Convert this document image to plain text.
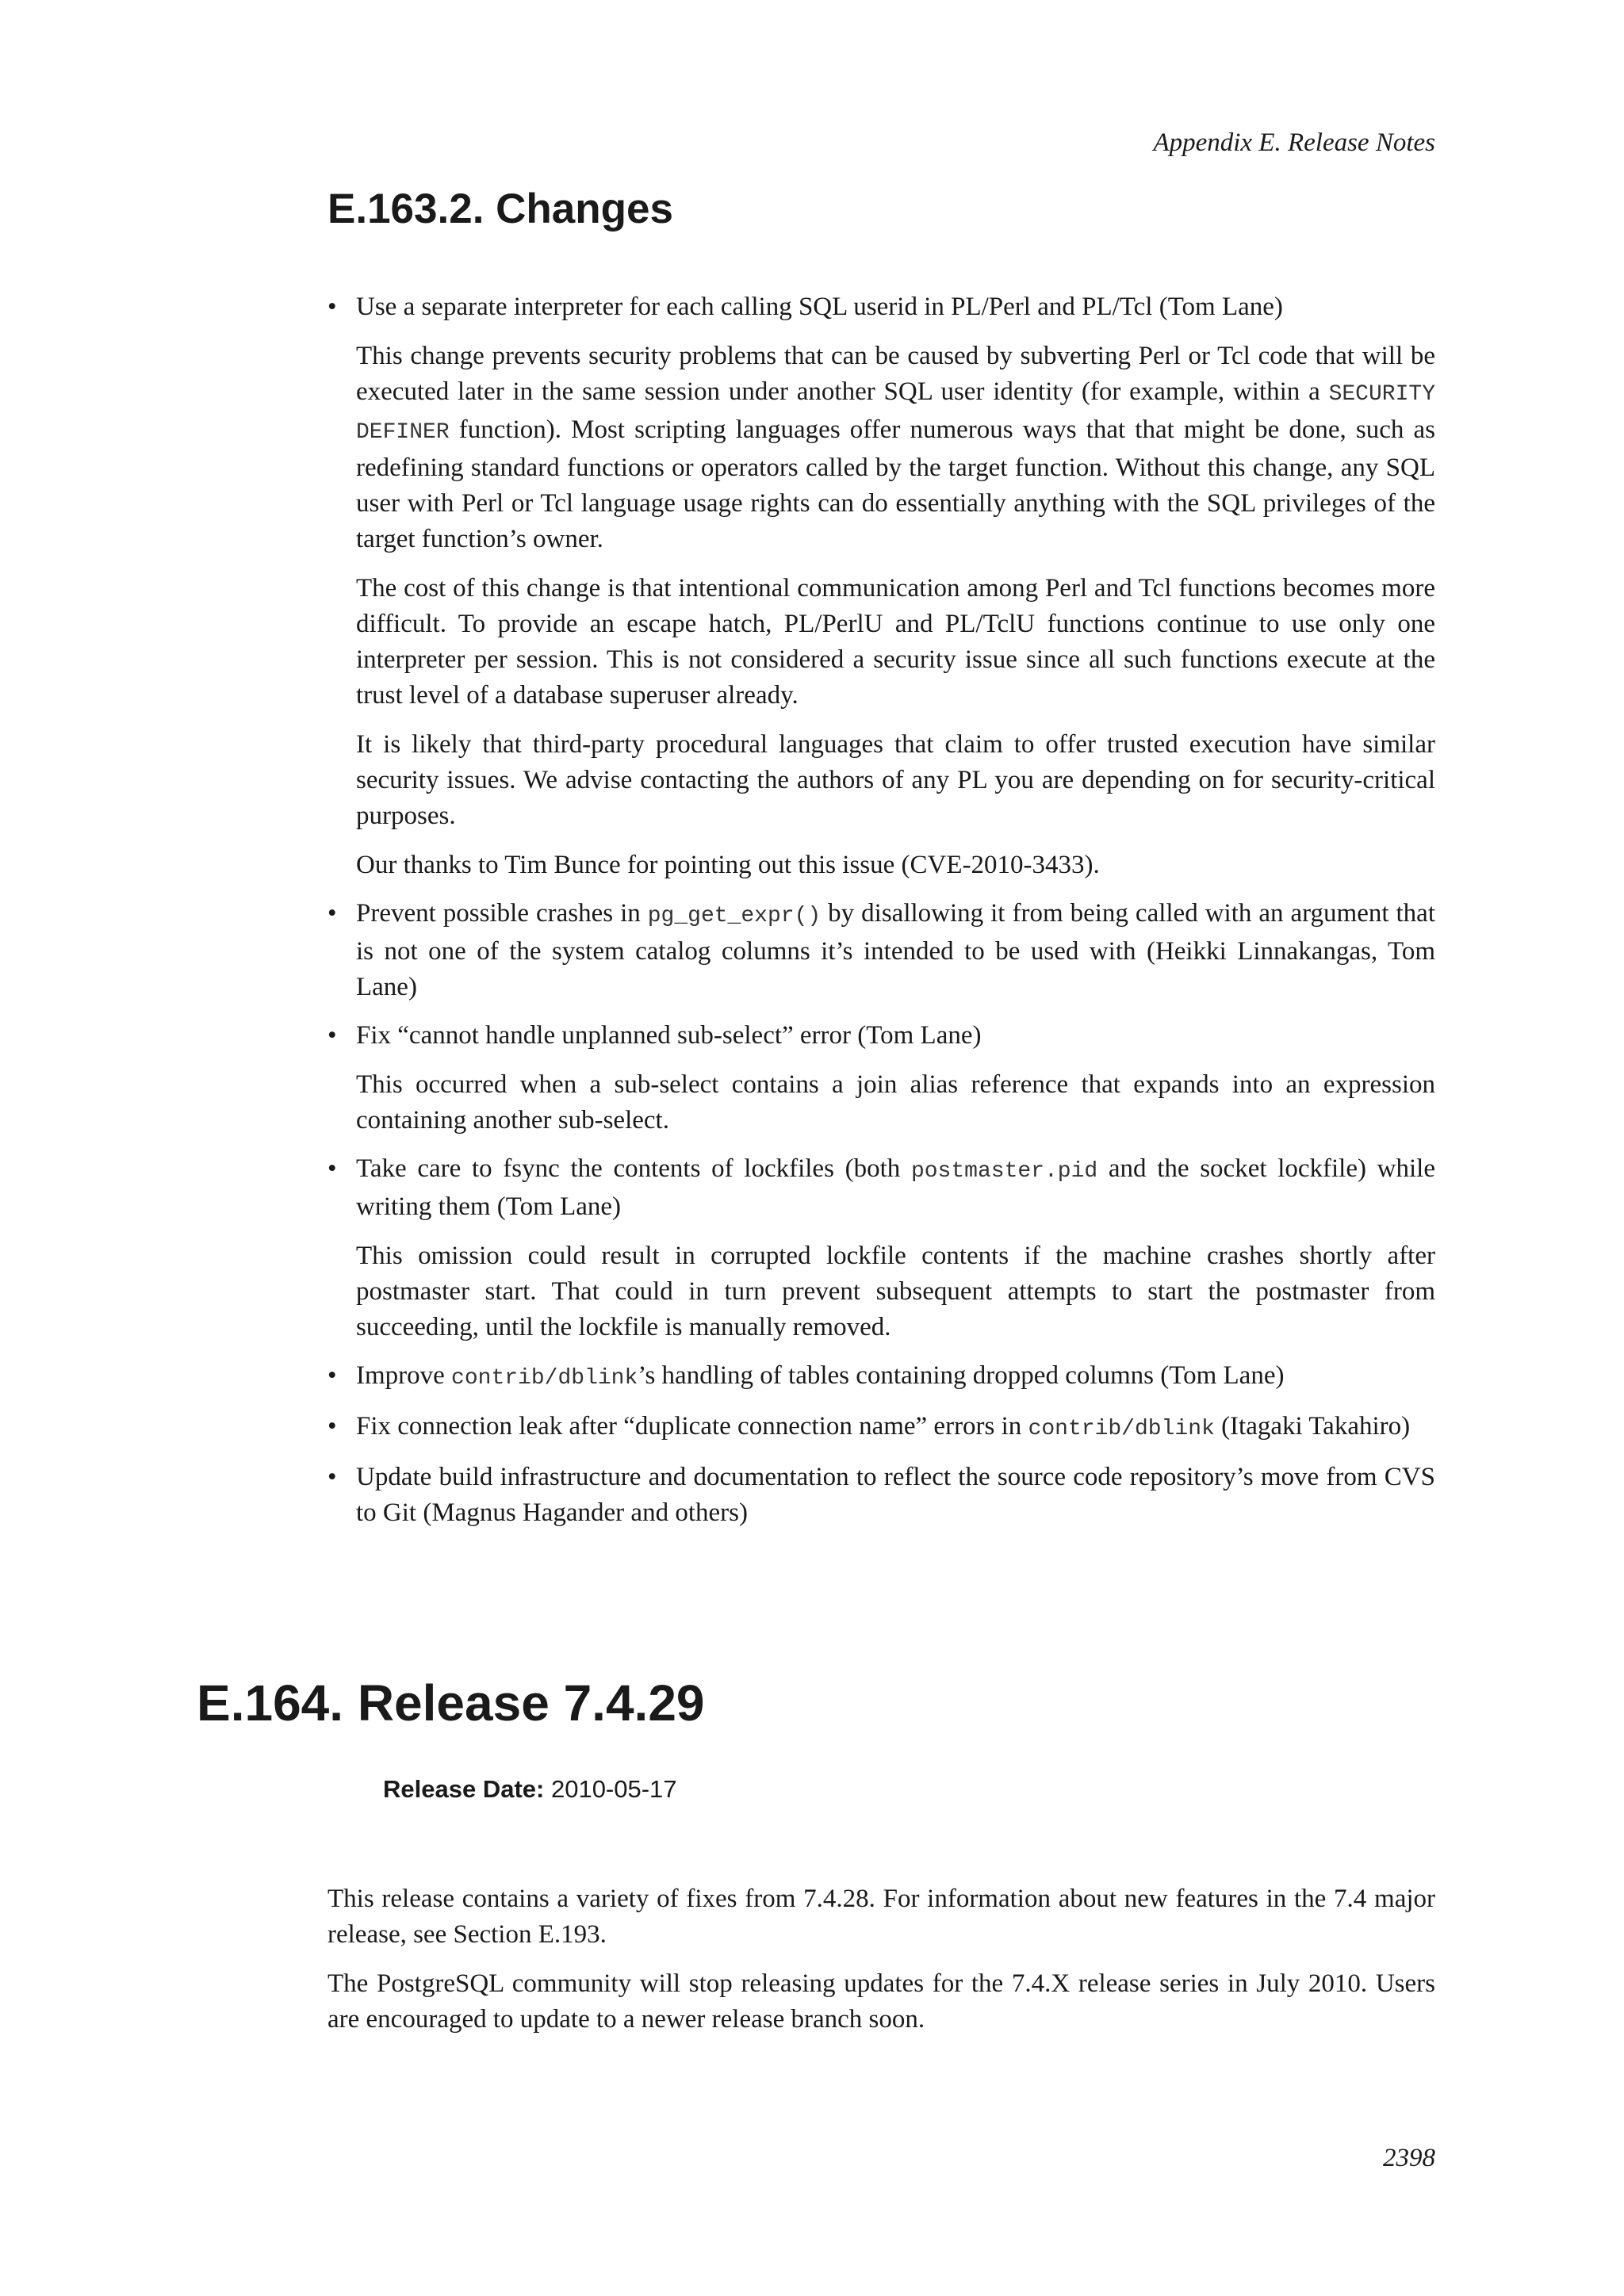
Appendix E. Release Notes
E.163.2. Changes
• Use a separate interpreter for each calling SQL userid in PL/Perl and PL/Tcl (Tom Lane)

This change prevents security problems that can be caused by subverting Perl or Tcl code that will be executed later in the same session under another SQL user identity (for example, within a SECURITY DEFINER function). Most scripting languages offer numerous ways that that might be done, such as redefining standard functions or operators called by the target function. Without this change, any SQL user with Perl or Tcl language usage rights can do essentially anything with the SQL privileges of the target function’s owner.

The cost of this change is that intentional communication among Perl and Tcl functions becomes more difficult. To provide an escape hatch, PL/PerlU and PL/TclU functions continue to use only one interpreter per session. This is not considered a security issue since all such functions execute at the trust level of a database superuser already.

It is likely that third-party procedural languages that claim to offer trusted execution have similar security issues. We advise contacting the authors of any PL you are depending on for security-critical purposes.

Our thanks to Tim Bunce for pointing out this issue (CVE-2010-3433).

• Prevent possible crashes in pg_get_expr() by disallowing it from being called with an argument that is not one of the system catalog columns it’s intended to be used with (Heikki Linnakangas, Tom Lane)

• Fix “cannot handle unplanned sub-select” error (Tom Lane)

This occurred when a sub-select contains a join alias reference that expands into an expression containing another sub-select.

• Take care to fsync the contents of lockfiles (both postmaster.pid and the socket lockfile) while writing them (Tom Lane)

This omission could result in corrupted lockfile contents if the machine crashes shortly after postmaster start. That could in turn prevent subsequent attempts to start the postmaster from succeeding, until the lockfile is manually removed.

• Improve contrib/dblink’s handling of tables containing dropped columns (Tom Lane)

• Fix connection leak after “duplicate connection name” errors in contrib/dblink (Itagaki Takahiro)

• Update build infrastructure and documentation to reflect the source code repository’s move from CVS to Git (Magnus Hagander and others)

E.164. Release 7.4.29
Release Date: 2010-05-17

This release contains a variety of fixes from 7.4.28. For information about new features in the 7.4 major release, see Section E.193.

The PostgreSQL community will stop releasing updates for the 7.4.X release series in July 2010. Users are encouraged to update to a newer release branch soon.

2398
